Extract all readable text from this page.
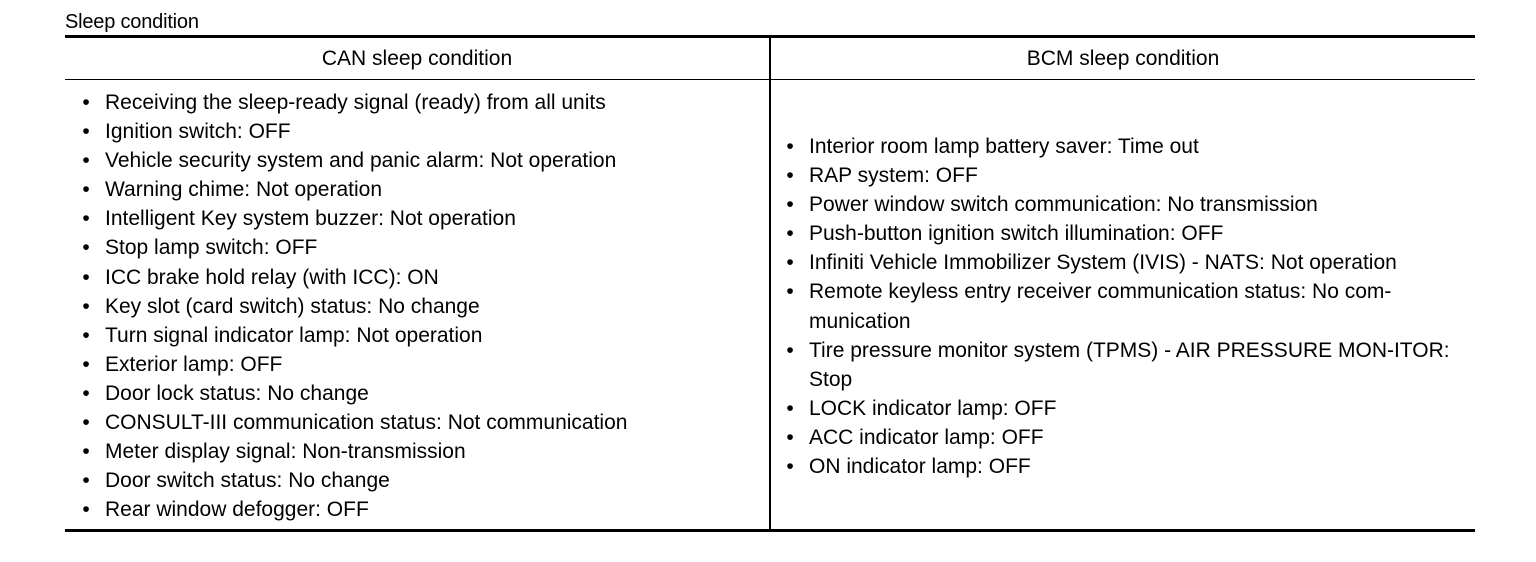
Sleep condition
CAN sleep condition	BCM sleep condition
• Receiving the sleep-ready signal (ready) from all units
• Ignition switch: OFF
• Vehicle security system and panic alarm: Not operation
• Warning chime: Not operation
• Intelligent Key system buzzer: Not operation
• Stop lamp switch: OFF
• ICC brake hold relay (with ICC): ON
• Key slot (card switch) status: No change
• Turn signal indicator lamp: Not operation
• Exterior lamp: OFF
• Door lock status: No change
• CONSULT-III communication status: Not communication
• Meter display signal: Non-transmission
• Door switch status: No change
• Rear window defogger: OFF
• Interior room lamp battery saver: Time out
• RAP system: OFF
• Power window switch communication: No transmission
• Push-button ignition switch illumination: OFF
• Infiniti Vehicle Immobilizer System (IVIS) - NATS: Not operation
• Remote keyless entry receiver communication status: No com-munication
• Tire pressure monitor system (TPMS) - AIR PRESSURE MON-ITOR: Stop
• LOCK indicator lamp: OFF
• ACC indicator lamp: OFF
• ON indicator lamp: OFF
